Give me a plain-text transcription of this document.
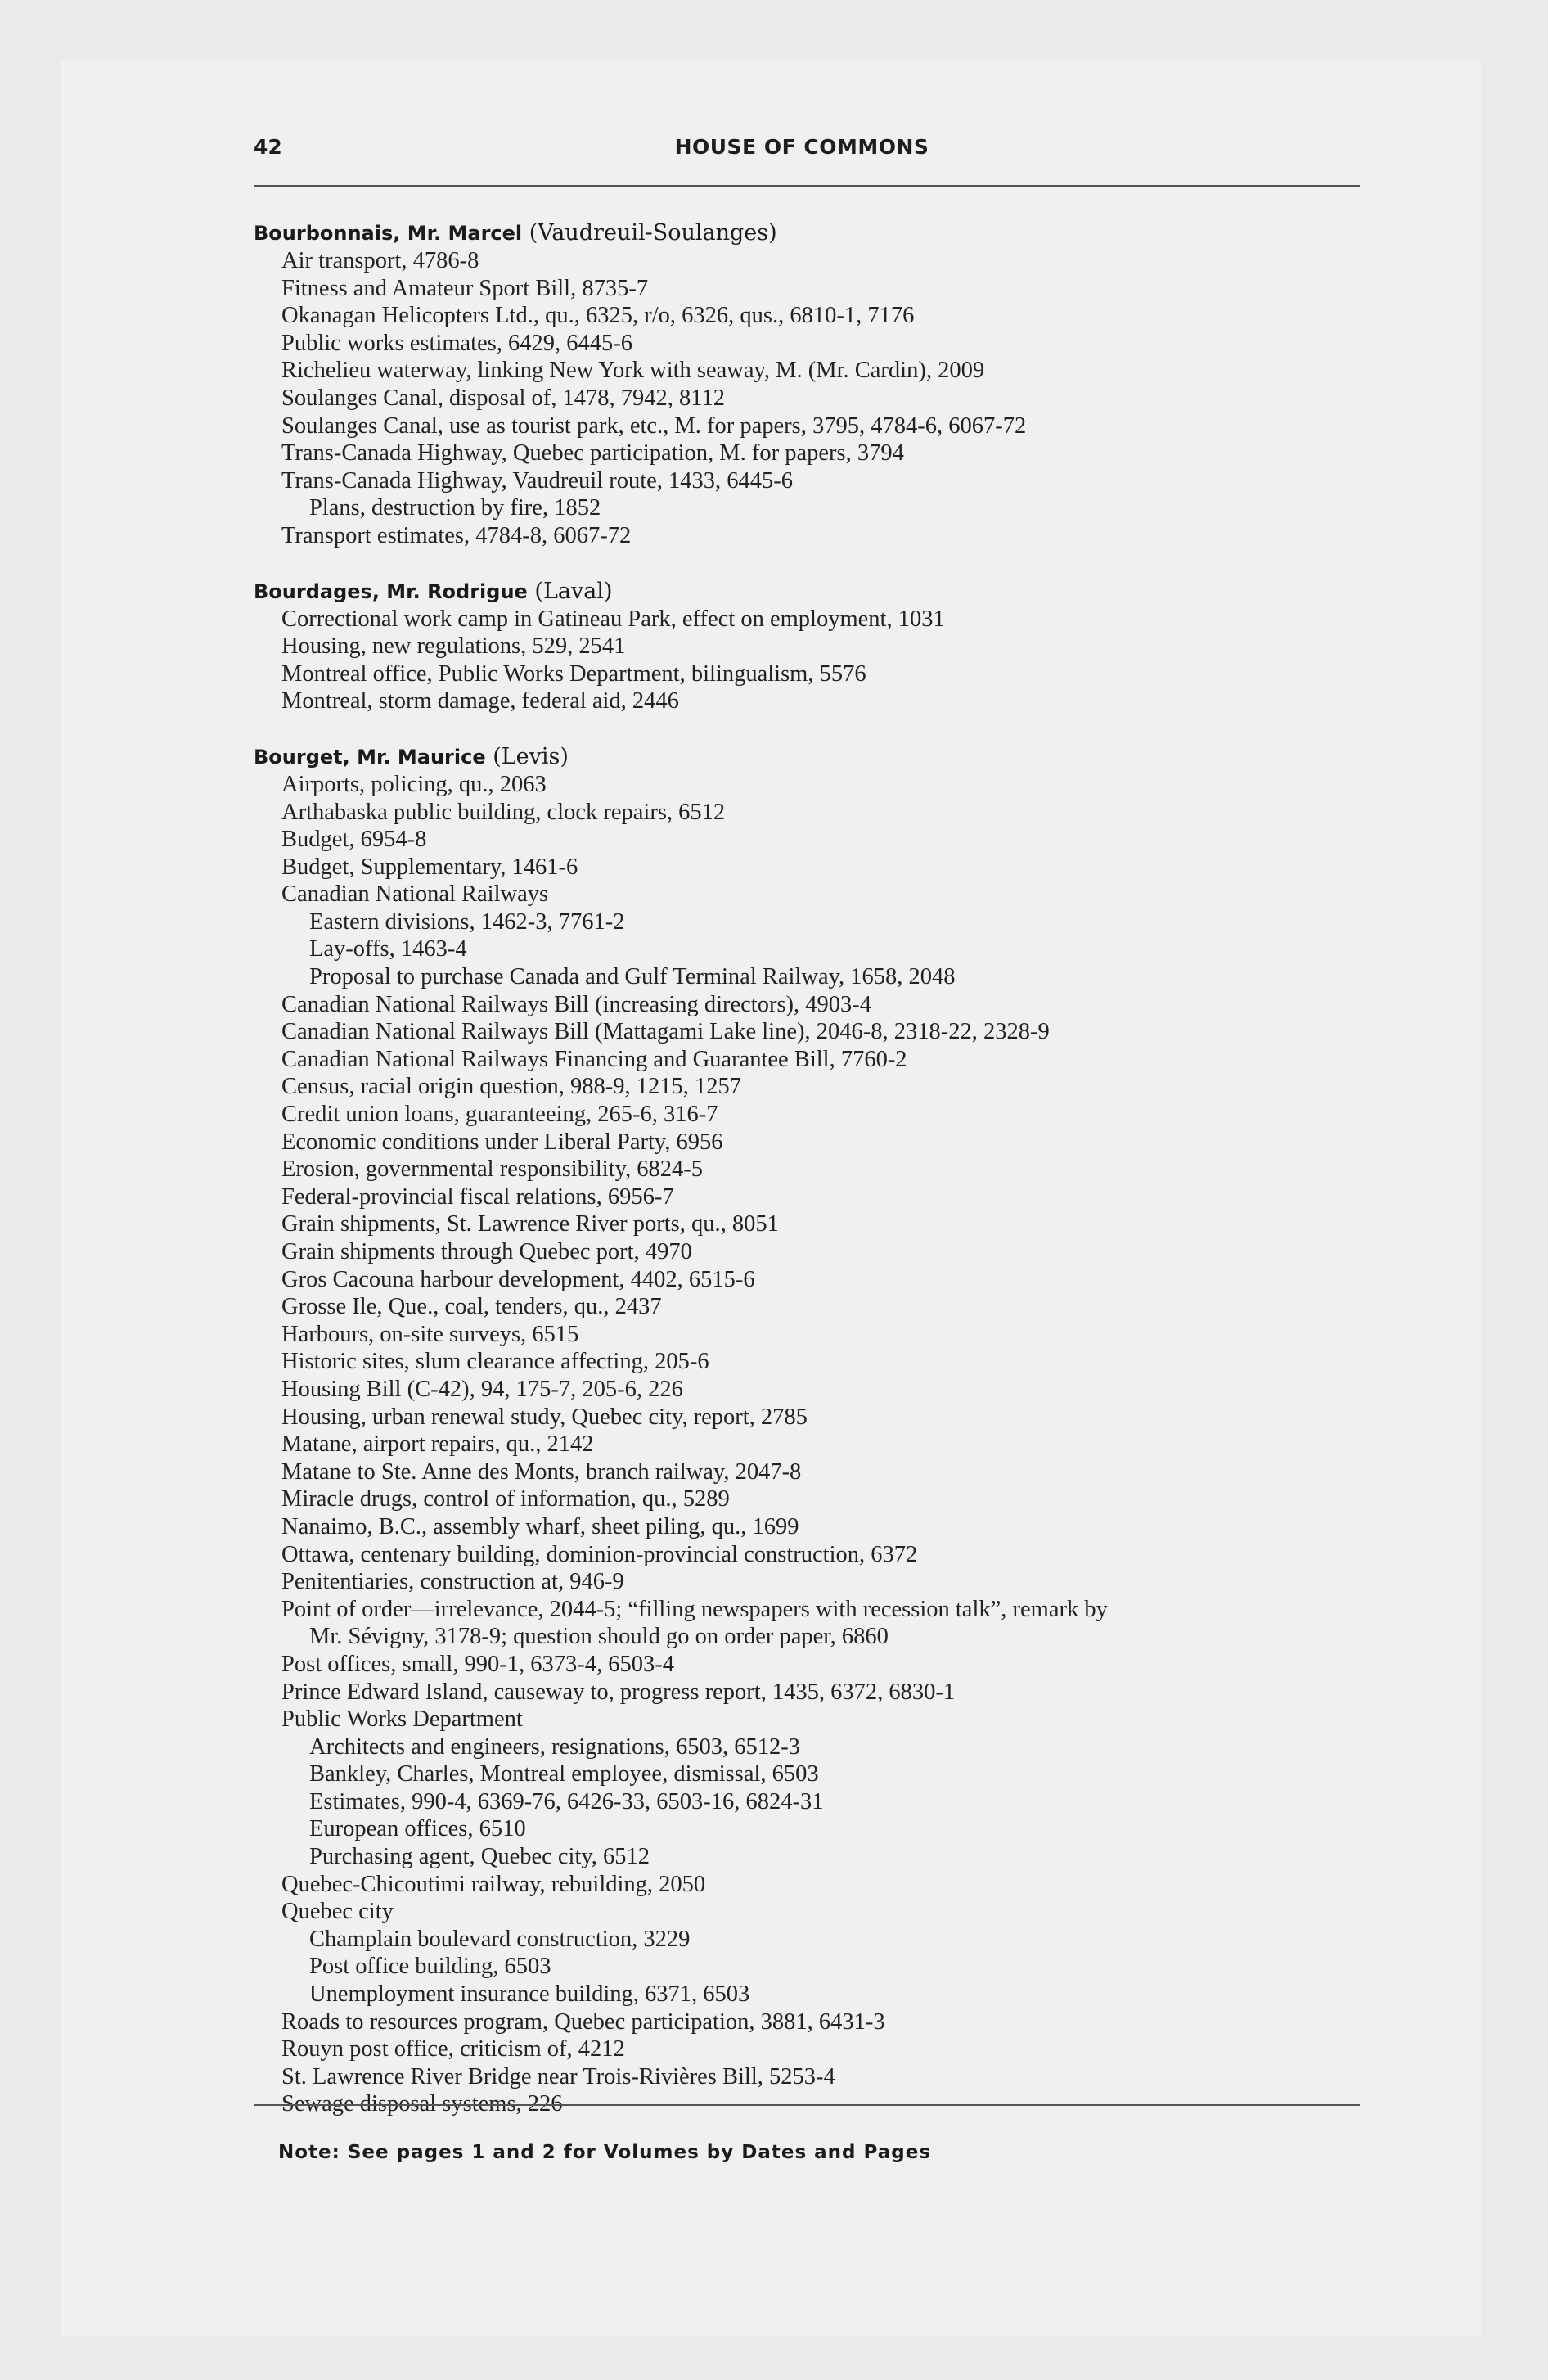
42	HOUSE OF COMMONS
Bourbonnais, Mr. Marcel (Vaudreuil-Soulanges)
Air transport, 4786-8
Fitness and Amateur Sport Bill, 8735-7
Okanagan Helicopters Ltd., qu., 6325, r/o, 6326, qus., 6810-1, 7176
Public works estimates, 6429, 6445-6
Richelieu waterway, linking New York with seaway, M. (Mr. Cardin), 2009
Soulanges Canal, disposal of, 1478, 7942, 8112
Soulanges Canal, use as tourist park, etc., M. for papers, 3795, 4784-6, 6067-72
Trans-Canada Highway, Quebec participation, M. for papers, 3794
Trans-Canada Highway, Vaudreuil route, 1433, 6445-6
Plans, destruction by fire, 1852
Transport estimates, 4784-8, 6067-72
Bourdages, Mr. Rodrigue (Laval)
Correctional work camp in Gatineau Park, effect on employment, 1031
Housing, new regulations, 529, 2541
Montreal office, Public Works Department, bilingualism, 5576
Montreal, storm damage, federal aid, 2446
Bourget, Mr. Maurice (Levis)
Airports, policing, qu., 2063
Arthabaska public building, clock repairs, 6512
Budget, 6954-8
Budget, Supplementary, 1461-6
Canadian National Railways
Eastern divisions, 1462-3, 7761-2
Lay-offs, 1463-4
Proposal to purchase Canada and Gulf Terminal Railway, 1658, 2048
Canadian National Railways Bill (increasing directors), 4903-4
Canadian National Railways Bill (Mattagami Lake line), 2046-8, 2318-22, 2328-9
Canadian National Railways Financing and Guarantee Bill, 7760-2
Census, racial origin question, 988-9, 1215, 1257
Credit union loans, guaranteeing, 265-6, 316-7
Economic conditions under Liberal Party, 6956
Erosion, governmental responsibility, 6824-5
Federal-provincial fiscal relations, 6956-7
Grain shipments, St. Lawrence River ports, qu., 8051
Grain shipments through Quebec port, 4970
Gros Cacouna harbour development, 4402, 6515-6
Grosse Ile, Que., coal, tenders, qu., 2437
Harbours, on-site surveys, 6515
Historic sites, slum clearance affecting, 205-6
Housing Bill (C-42), 94, 175-7, 205-6, 226
Housing, urban renewal study, Quebec city, report, 2785
Matane, airport repairs, qu., 2142
Matane to Ste. Anne des Monts, branch railway, 2047-8
Miracle drugs, control of information, qu., 5289
Nanaimo, B.C., assembly wharf, sheet piling, qu., 1699
Ottawa, centenary building, dominion-provincial construction, 6372
Penitentiaries, construction at, 946-9
Point of order—irrelevance, 2044-5; “filling newspapers with recession talk”, remark by
Mr. Sévigny, 3178-9; question should go on order paper, 6860
Post offices, small, 990-1, 6373-4, 6503-4
Prince Edward Island, causeway to, progress report, 1435, 6372, 6830-1
Public Works Department
Architects and engineers, resignations, 6503, 6512-3
Bankley, Charles, Montreal employee, dismissal, 6503
Estimates, 990-4, 6369-76, 6426-33, 6503-16, 6824-31
European offices, 6510
Purchasing agent, Quebec city, 6512
Quebec-Chicoutimi railway, rebuilding, 2050
Quebec city
Champlain boulevard construction, 3229
Post office building, 6503
Unemployment insurance building, 6371, 6503
Roads to resources program, Quebec participation, 3881, 6431-3
Rouyn post office, criticism of, 4212
St. Lawrence River Bridge near Trois-Rivières Bill, 5253-4
Sewage disposal systems, 226
Note: See pages 1 and 2 for Volumes by Dates and Pages
